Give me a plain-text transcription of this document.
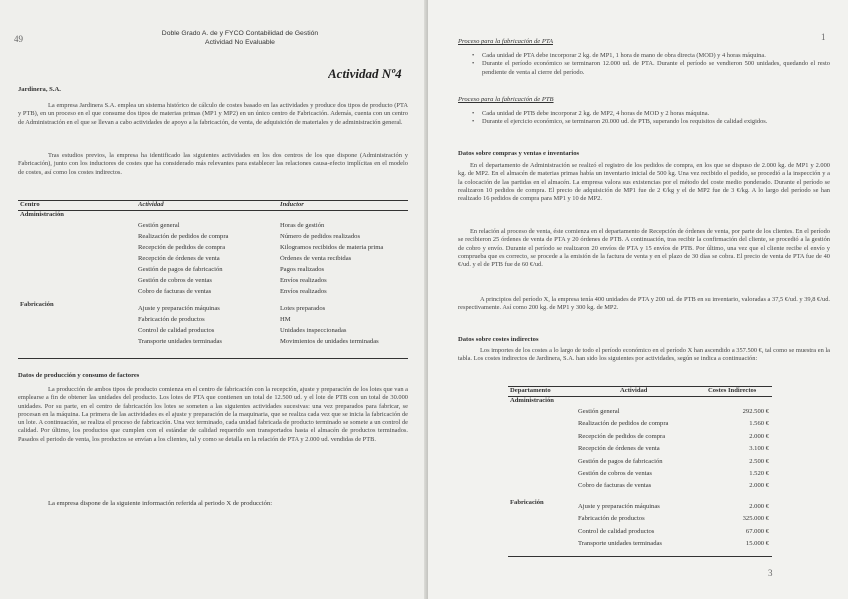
49
Doble Grado A. de y FYCO Contabilidad de Gestión
Actividad No Evaluable
Actividad Nº4
Jardinera, S.A.
La empresa Jardinera S.A. emplea un sistema histórico de cálculo de costes basado en las actividades y produce dos tipos de producto (PTA y PTB), en un proceso en el que consume dos tipos de materias primas (MP1 y MP2) en un único centro de Fabricación. Además, cuenta con un centro de Administración en el que se llevan a cabo actividades de apoyo a la fabricación, de venta, de adquisición de materiales y de administración general.
Tras estudios previos, la empresa ha identificado las siguientes actividades en los dos centros de los que dispone (Administración y Fabricación), junto con los inductores de costes que ha considerado más relevantes para establecer las relaciones causa-efecto implícitas en el modelo de costes, así como los costes indirectos.
Centro	Actividad	Inductor
Administración
Gestión general	Horas de gestión
Realización de pedidos de compra	Número de pedidos realizados
Recepción de pedidos de compra	Kilogramos recibidos de materia prima
Recepción de órdenes de venta	Órdenes de venta recibidas
Gestión de pagos de fabricación	Pagos realizados
Gestión de cobros de ventas	Envíos realizados
Cobro de facturas de ventas	Envíos realizados
Fabricación
Ajuste y preparación máquinas	Lotes preparados
Fabricación de productos	HM
Control de calidad productos	Unidades inspeccionadas
Transporte unidades terminadas	Movimientos de unidades terminadas
Datos de producción y consumo de factores
La producción de ambos tipos de producto comienza en el centro de fabricación con la recepción, ajuste y preparación de los lotes que van a emplearse a fin de obtener las unidades del producto. Los lotes de PTA que contienen un total de 12.500 ud. y el lote de PTB con un total de 30.000 unidades. Por su parte, en el centro de fabricación los lotes se someten a las siguientes actividades sucesivas: una vez preparados para fabricar, se procesan en la máquina. La primera de las actividades es el ajuste y preparación de la maquinaria, que se realiza cada vez que se inicia la fabricación de un lote. A continuación, se realiza el proceso de fabricación. Una vez terminado, cada unidad fabricada de producto terminado se somete a un control de calidad. Por último, los productos que cumplen con el estándar de calidad requerido son transportados hasta el almacén de productos terminados. Pasados el periodo de venta, los productos se envían a los clientes, tal y como se detalla en la relación de PTA y 2.000 ud. vendidas de PTB.
La empresa dispone de la siguiente información referida al periodo X de producción:
1
Proceso para la fabricación de PTA
• Cada unidad de PTA debe incorporar 2 kg. de MP1, 1 hora de mano de obra directa (MOD) y 4 horas máquina.
• Durante el período económico se terminaron 12.000 ud. de PTA. Durante el período se vendieron 500 unidades, quedando el resto pendiente de venta al cierre del período.
Proceso para la fabricación de PTB
• Cada unidad de PTB debe incorporar 2 kg. de MP2, 4 horas de MOD y 2 horas máquina.
• Durante el ejercicio económico, se terminaron 20.000 ud. de PTB, superando los requisitos de calidad exigidos.
Datos sobre compras y ventas e inventarios
En el departamento de Administración se realizó el registro de los pedidos de compra, en los que se dispuso de 2.000 kg. de MP1 y 2.000 kg. de MP2. En el almacén de materias primas había un inventario inicial de 500 kg. Una vez recibido el pedido, se procedió a la inspección y a la colocación de las partidas en el almacén. La empresa valora sus existencias por el método del coste medio ponderado. Durante el período se realizaron 10 pedidos de compra. El precio de adquisición de MP1 fue de 2 €/kg y el de MP2 fue de 3 €/kg. A lo largo del período se han realizado 16 pedidos de compra para MP1 y 10 de MP2.
En relación al proceso de venta, éste comienza en el departamento de Recepción de órdenes de venta, por parte de los clientes. En el período se recibieron 25 órdenes de venta de PTA y 20 órdenes de PTB. A continuación, tras recibir la confirmación del cliente, se procedió a la gestión de cobro y envío. Durante el período se realizaron 20 envíos de PTA y 15 envíos de PTB. Por último, una vez que el cliente recibe el envío y comprueba que es correcto, se procede a la emisión de la factura de venta y en el plazo de 30 días se cobra. El precio de venta de PTA fue de 40 €/ud. y el de PTB fue de 60 €/ud.
A principios del período X, la empresa tenía 400 unidades de PTA y 200 ud. de PTB en su inventario, valoradas a 37,5 €/ud. y 39,8 €/ud. respectivamente. Así como 200 kg. de MP1 y 300 kg. de MP2.
Datos sobre costes indirectos
Los importes de los costes a lo largo de todo el período económico en el período X han ascendido a 357.500 €, tal como se muestra en la tabla. Los costes indirectos de Jardinera, S.A. han sido los siguientes por actividades, según se indica a continuación:
Departamento	Actividad	Costes Indirectos
Administración
Gestión general	292.500 €
Realización de pedidos de compra	1.560 €
Recepción de pedidos de compra	2.000 €
Recepción de órdenes de venta	3.100 €
Gestión de pagos de fabricación	2.500 €
Gestión de cobros de ventas	1.520 €
Cobro de facturas de ventas	2.000 €
Fabricación
Ajuste y preparación máquinas	2.000 €
Fabricación de productos	325.000 €
Control de calidad productos	67.000 €
Transporte unidades terminadas	15.000 €
3
